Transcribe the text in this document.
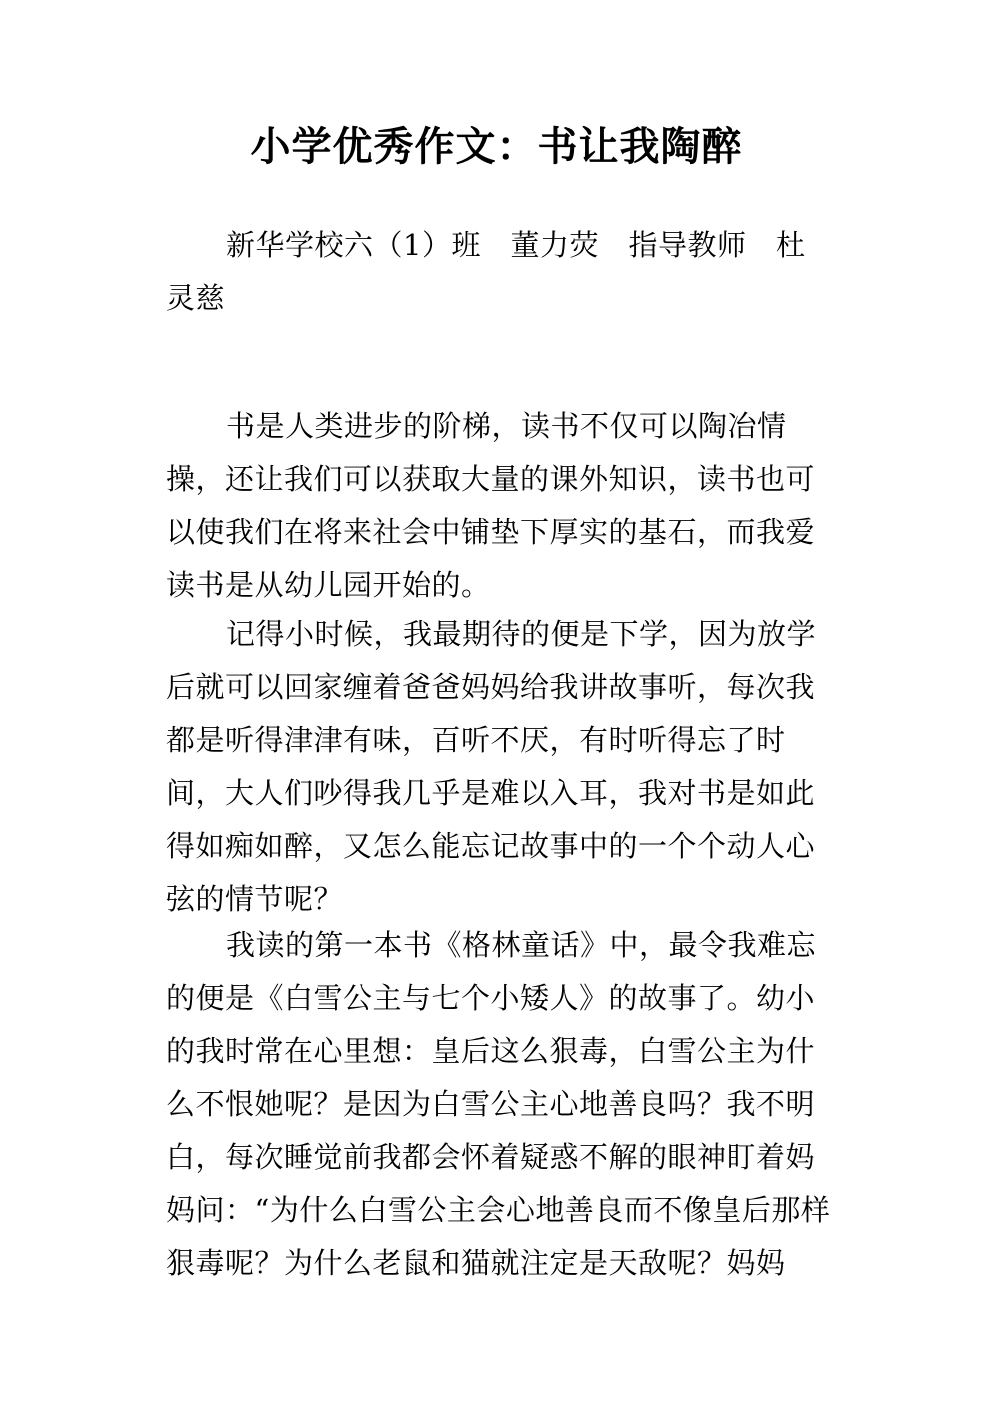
小学优秀作文：书让我陶醉

新华学校六（1）班　董力荧　指导教师　杜灵慈

书是人类进步的阶梯，读书不仅可以陶冶情操，还让我们可以获取大量的课外知识，读书也可以使我们在将来社会中铺垫下厚实的基石，而我爱读书是从幼儿园开始的。

记得小时候，我最期待的便是下学，因为放学后就可以回家缠着爸爸妈妈给我讲故事听，每次我都是听得津津有味，百听不厌，有时听得忘了时间，大人们吵得我几乎是难以入耳，我对书是如此得如痴如醉，又怎么能忘记故事中的一个个动人心弦的情节呢？

我读的第一本书《格林童话》中，最令我难忘的便是《白雪公主与七个小矮人》的故事了。幼小的我时常在心里想：皇后这么狠毒，白雪公主为什么不恨她呢？是因为白雪公主心地善良吗？我不明白，每次睡觉前我都会怀着疑惑不解的眼神盯着妈妈问：“为什么白雪公主会心地善良而不像皇后那样狠毒呢？为什么老鼠和猫就注定是天敌呢？妈妈
